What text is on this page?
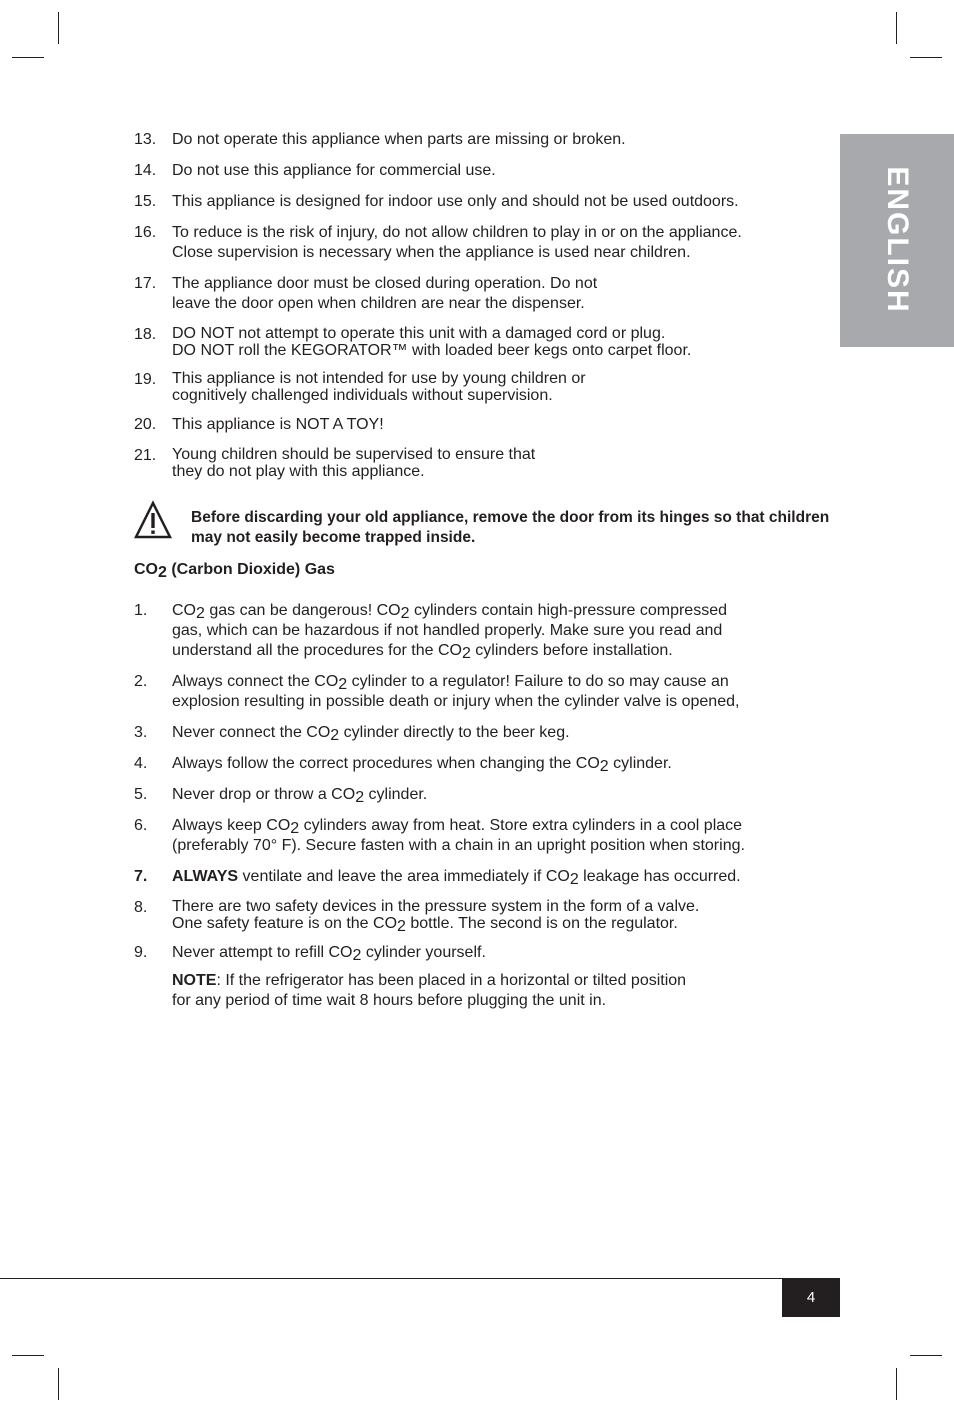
ENGLISH
13. Do not operate this appliance when parts are missing or broken.
14. Do not use this appliance for commercial use.
15. This appliance is designed for indoor use only and should not be used outdoors.
16. To reduce is the risk of injury, do not allow children to play in or on the appliance.
Close supervision is necessary when the appliance is used near children.
17. The appliance door must be closed during operation. Do not
leave the door open when children are near the dispenser.
18. DO NOT not attempt to operate this unit with a damaged cord or plug.
DO NOT roll the KEGORATOR™ with loaded beer kegs onto carpet floor.
19. This appliance is not intended for use by young children or
cognitively challenged individuals without supervision.
20. This appliance is NOT A TOY!
21. Young children should be supervised to ensure that
they do not play with this appliance.
Before discarding your old appliance, remove the door from its hinges so that children may not easily become trapped inside.
$CO_2$ (Carbon Dioxide) Gas
1. $CO_2$ gas can be dangerous! $CO_2$ cylinders contain high-pressure compressed
gas, which can be hazardous if not handled properly. Make sure you read and
understand all the procedures for the $CO_2$ cylinders before installation.
2. Always connect the $CO_2$ cylinder to a regulator! Failure to do so may cause an
explosion resulting in possible death or injury when the cylinder valve is opened,
3. Never connect the $CO_2$ cylinder directly to the beer keg.
4. Always follow the correct procedures when changing the $CO_2$ cylinder.
5. Never drop or throw a $CO_2$ cylinder.
6. Always keep $CO_2$ cylinders away from heat. Store extra cylinders in a cool place
(preferably 70° F). Secure fasten with a chain in an upright position when storing.
7. ALWAYS ventilate and leave the area immediately if $CO_2$ leakage has occurred.
8. There are two safety devices in the pressure system in the form of a valve.
One safety feature is on the $CO_2$ bottle. The second is on the regulator.
9. Never attempt to refill $CO_2$ cylinder yourself.
NOTE: If the refrigerator has been placed in a horizontal or tilted position
for any period of time wait 8 hours before plugging the unit in.
4
